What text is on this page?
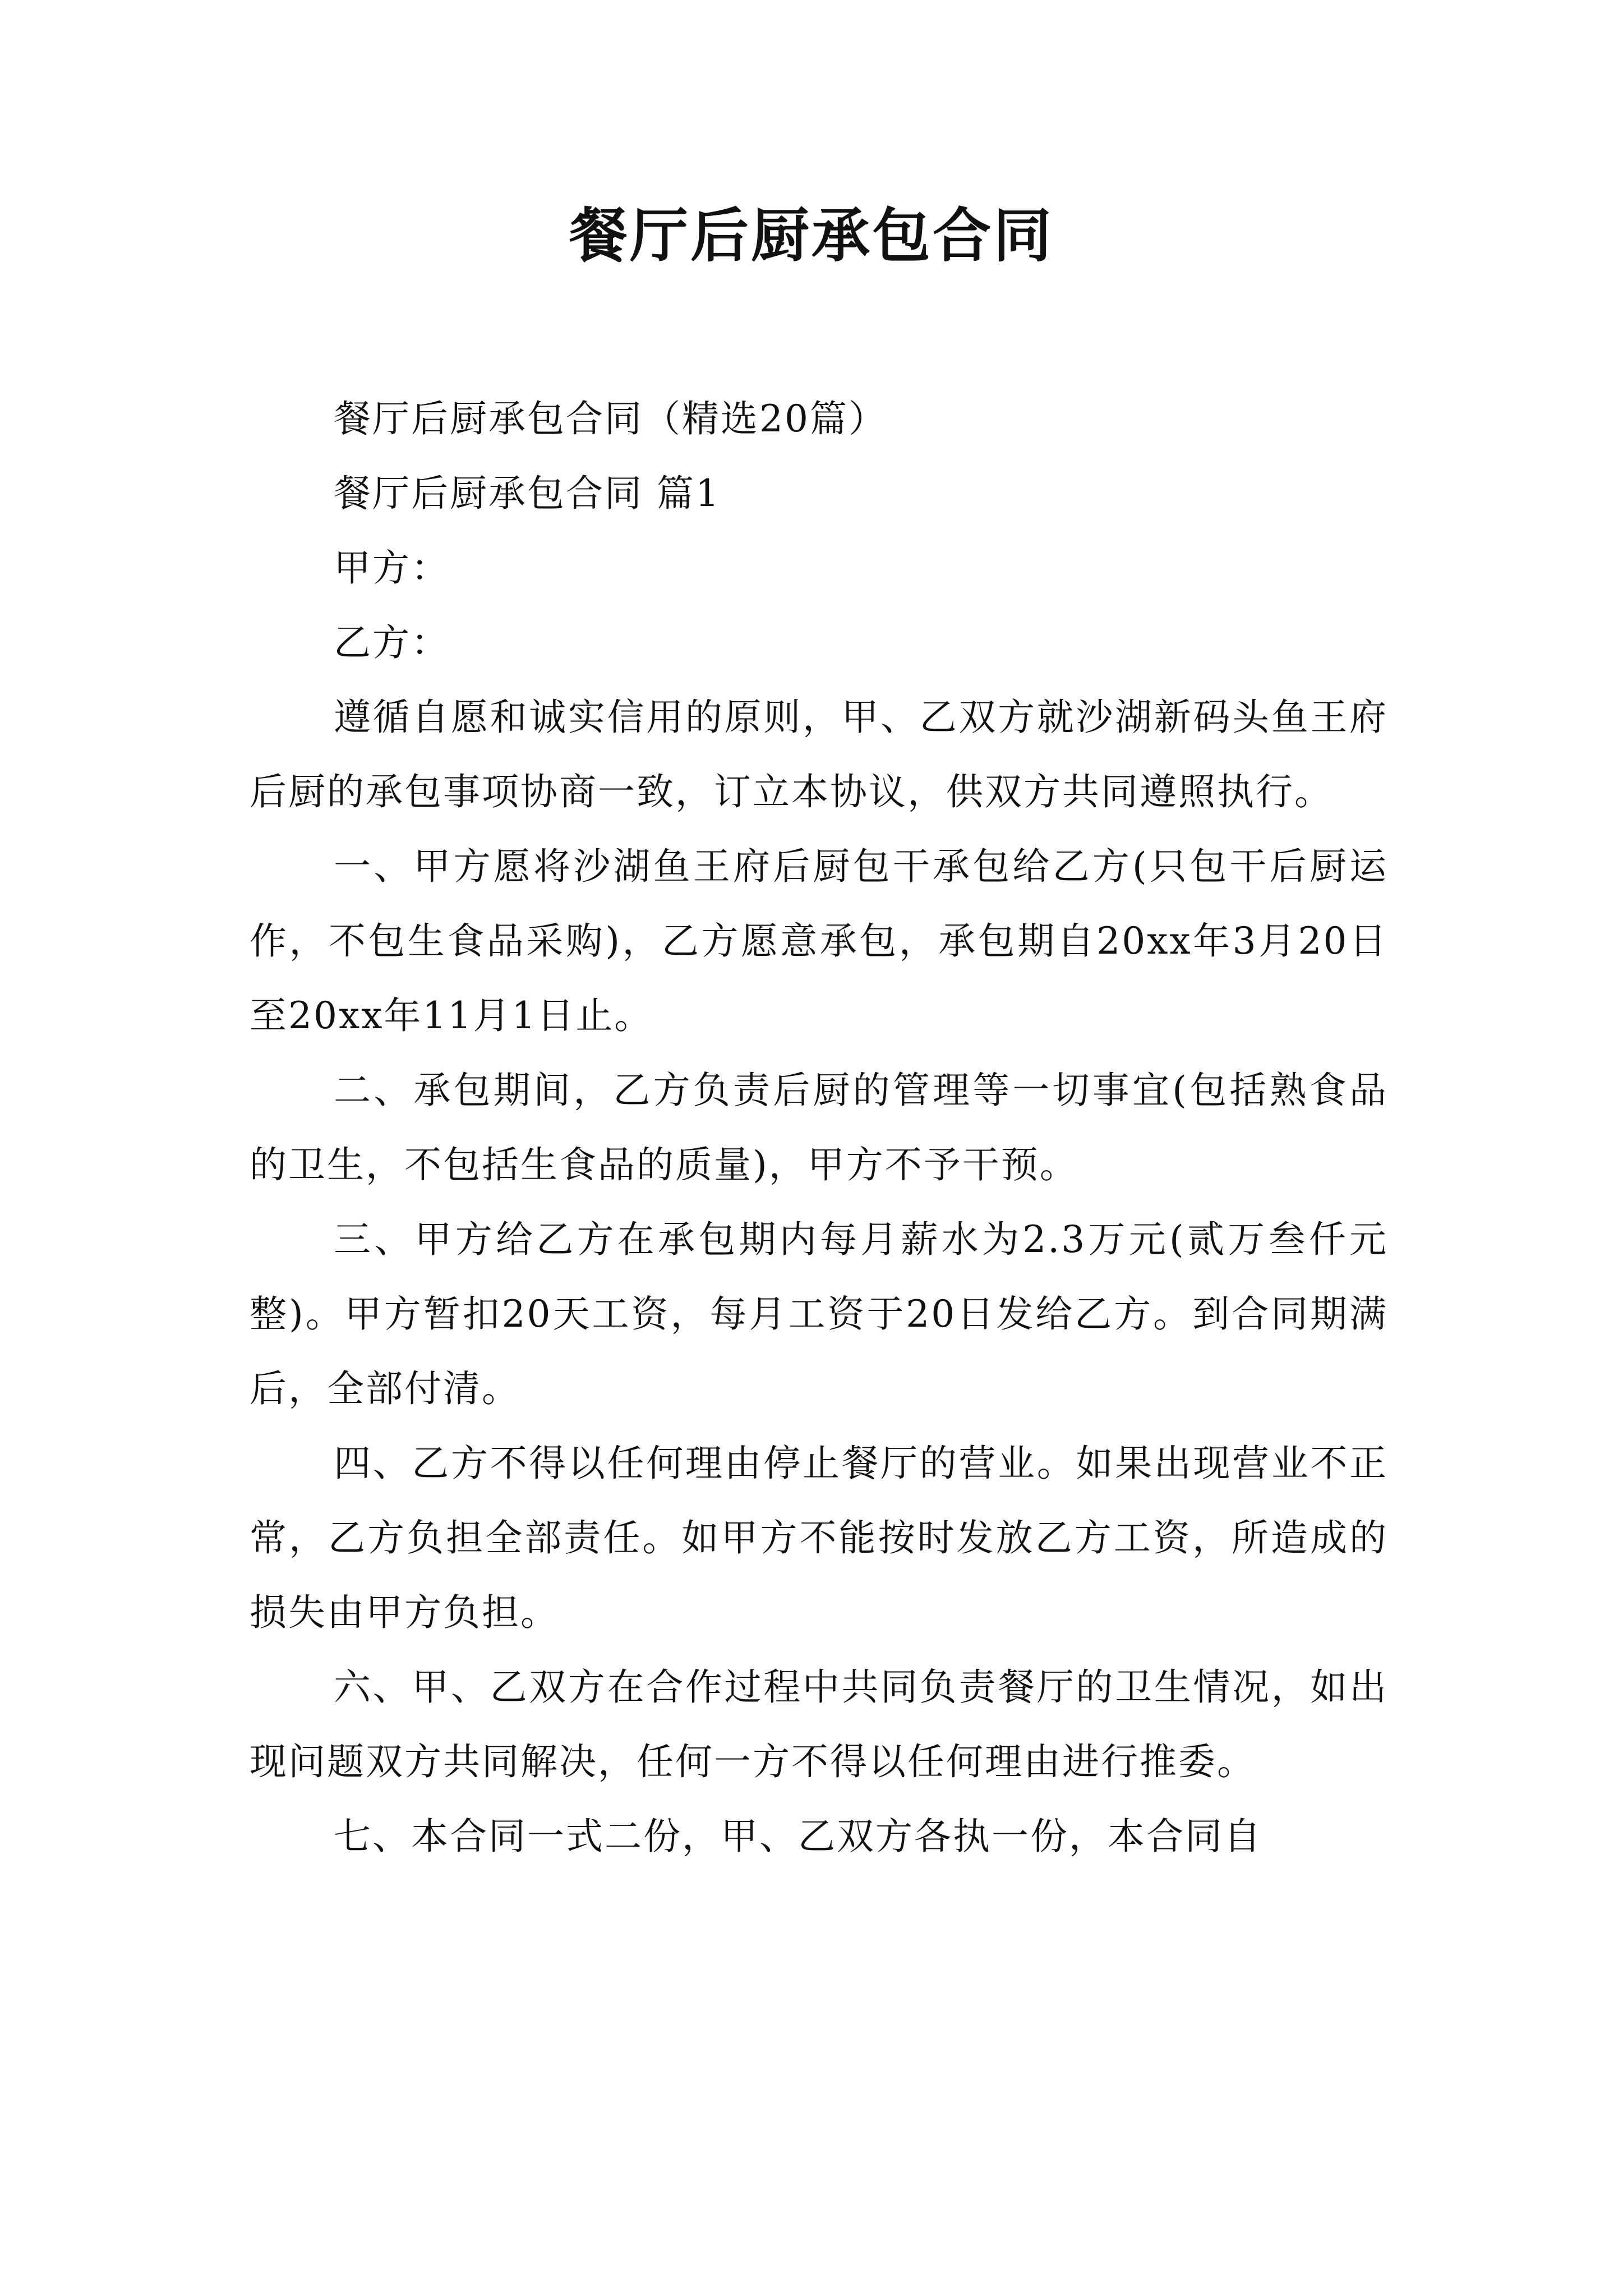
餐厅后厨承包合同

餐厅后厨承包合同（精选20篇）

餐厅后厨承包合同 篇1

甲方：

乙方：

遵循自愿和诚实信用的原则，甲、乙双方就沙湖新码头鱼王府后厨的承包事项协商一致，订立本协议，供双方共同遵照执行。

一、甲方愿将沙湖鱼王府后厨包干承包给乙方(只包干后厨运作，不包生食品采购)，乙方愿意承包，承包期自20xx年3月20日至20xx年11月1日止。

二、承包期间，乙方负责后厨的管理等一切事宜(包括熟食品的卫生，不包括生食品的质量)，甲方不予干预。

三、甲方给乙方在承包期内每月薪水为2.3万元(贰万叁仟元整)。甲方暂扣20天工资，每月工资于20日发给乙方。到合同期满后，全部付清。

四、乙方不得以任何理由停止餐厅的营业。如果出现营业不正常，乙方负担全部责任。如甲方不能按时发放乙方工资，所造成的损失由甲方负担。

六、甲、乙双方在合作过程中共同负责餐厅的卫生情况，如出现问题双方共同解决，任何一方不得以任何理由进行推委。

七、本合同一式二份，甲、乙双方各执一份，本合同自
